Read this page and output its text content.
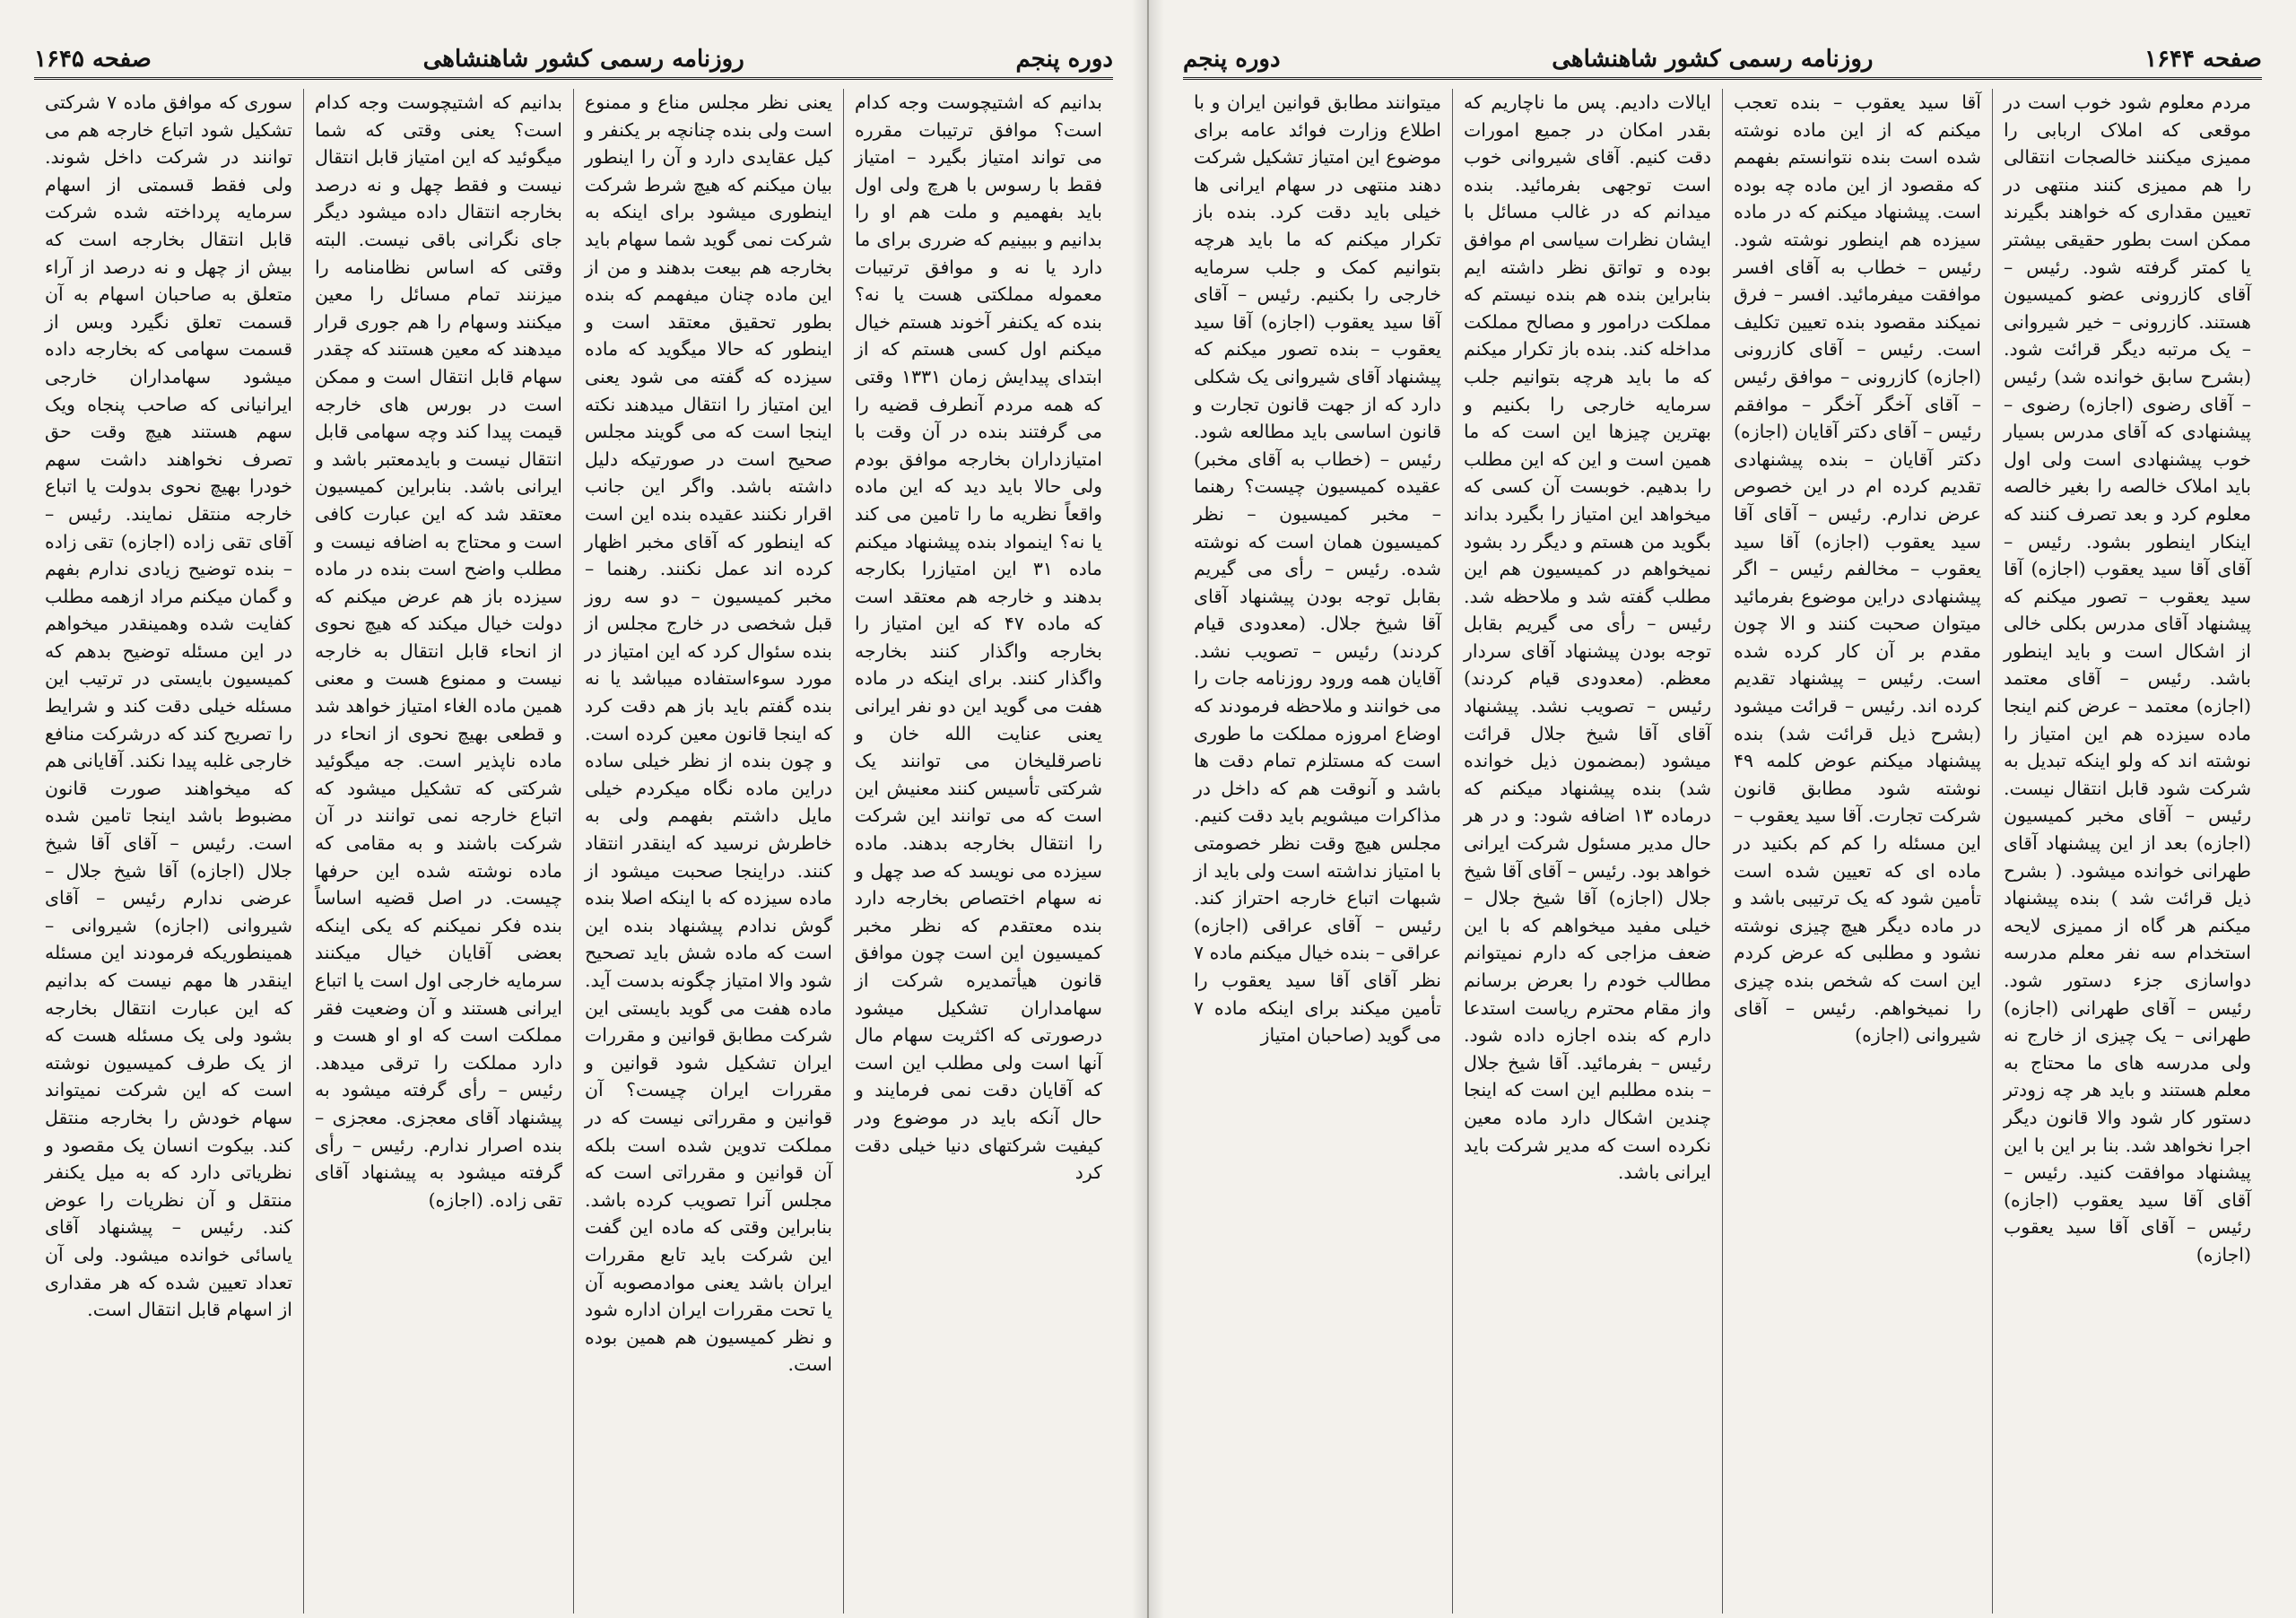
دوره پنجم
روزنامه رسمی کشور شاهنشاهی
صفحه ۱۶۴۵

بدانیم که اشتیچوست وجه کدام است؟ موافق ترتیبات مقرره می تواند امتیاز بگیرد – امتیاز فقط با رسوس با هرچ ولی اول باید بفهمیم و ملت هم او را بدانیم و ببینیم که ضرری برای ما دارد یا نه و موافق ترتیبات معموله مملکتی هست یا نه؟ بنده که یکنفر آخوند هستم خیال میکنم اول کسی هستم که از ابتدای پیدایش زمان ۱۳۳۱ وقتی که همه مردم آنطرف قضیه را می گرفتند بنده در آن وقت با امتیازداران بخارجه موافق بودم ولی حالا باید دید که این ماده واقعاً نظریه ما را تامین می کند یا نه؟ اینمواد بنده پیشنهاد میکنم ماده ۳۱ این امتیازرا بکارجه بدهند و خارجه هم معتقد است که ماده ۴۷ که این امتیاز را بخارجه واگذار کنند بخارجه واگذار کنند. برای اینکه در ماده هفت می گوید این دو نفر ایرانی یعنی عنایت الله خان و ناصرقلیخان می توانند یک شرکتی تأسیس کنند معنیش این است که می توانند این شرکت را انتقال بخارجه بدهند. ماده سیزده می نویسد که صد چهل و نه سهام اختصاص بخارجه دارد بنده معتقدم که نظر مخبر کمیسیون این است چون موافق قانون هیأتمدیره شرکت از سهامداران تشکیل میشود درصورتی که اکثریت سهام مال آنها است ولی مطلب این است که آقایان دقت نمی فرمایند و حال آنکه باید در موضوع ودر کیفیت شرکتهای دنیا خیلی دقت کرد

یعنی نظر مجلس مناع و ممنوع است ولی بنده چنانچه بر یکنفر و کیل عقایدی دارد و آن را اینطور بیان میکنم که هیچ شرط شرکت اینطوری میشود برای اینکه به شرکت نمی گوید شما سهام باید بخارجه هم بیعت بدهند و من از این ماده چنان میفهمم که بنده بطور تحقیق معتقد است و اینطور که حالا میگوید که ماده سیزده که گفته می شود یعنی این امتیاز را انتقال میدهند نکته اینجا است که می گویند مجلس صحیح است در صورتیکه دلیل داشته باشد. واگر این جانب اقرار نکنند عقیده بنده این است که اینطور که آقای مخبر اظهار کرده اند عمل نکنند. رهنما – مخبر کمیسیون – دو سه روز قبل شخصی در خارج مجلس از بنده سئوال کرد که این امتیاز در مورد سوءاستفاده میباشد یا نه بنده گفتم باید باز هم دقت کرد که اینجا قانون معین کرده است. و چون بنده از نظر خیلی ساده دراین ماده نگاه میکردم خیلی مایل داشتم بفهمم ولی به خاطرش نرسید که اینقدر انتقاد کنند. دراینجا صحبت میشود از ماده سیزده که با اینکه اصلا بنده گوش ندادم پیشنهاد بنده این است که ماده شش باید تصحیح شود والا امتیاز چگونه بدست آید. ماده هفت می گوید بایستی این شرکت مطابق قوانین و مقررات ایران تشکیل شود قوانین و مقررات ایران چیست؟ آن قوانین و مقرراتی نیست که در مملکت تدوین شده است بلکه آن قوانین و مقرراتی است که مجلس آنرا تصویب کرده باشد. بنابراین وقتی که ماده این گفت این شرکت باید تابع مقررات ایران باشد یعنی موادمصوبه آن یا تحت مقررات ایران اداره شود و نظر کمیسیون هم همین بوده است.

بدانیم که اشتیچوست وجه کدام است؟ یعنی وقتی که شما میگوئید که این امتیاز قابل انتقال نیست و فقط چهل و نه درصد بخارجه انتقال داده میشود دیگر جای نگرانی باقی نیست. البته وقتی که اساس نظامنامه را میزنند تمام مسائل را معین میکنند وسهام را هم جوری قرار میدهند که معین هستند که چقدر سهام قابل انتقال است و ممکن است در بورس های خارجه قیمت پیدا کند وچه سهامی قابل انتقال نیست و بایدمعتبر باشد و ایرانی باشد. بنابراین کمیسیون معتقد شد که این عبارت کافی است و محتاج به اضافه نیست و مطلب واضح است بنده در ماده سیزده باز هم عرض میکنم که دولت خیال میکند که هیچ نحوی از انحاء قابل انتقال به خارجه نیست و ممنوع هست و معنی همین ماده الغاء امتیاز خواهد شد و قطعی بهیچ نحوی از انحاء در ماده ناپذیر است. جه میگوئید شرکتی که تشکیل میشود که اتباع خارجه نمی توانند در آن شرکت باشند و به مقامی که ماده نوشته شده این حرفها چیست. در اصل قضیه اساساً بنده فکر نمیکنم که یکی اینکه بعضی آقایان خیال میکنند سرمایه خارجی اول است یا اتباع ایرانی هستند و آن وضعیت فقر مملکت است که او او هست و دارد مملکت را ترقی میدهد. رئیس – رأی گرفته میشود به پیشنهاد آقای معجزی. معجزی – بنده اصرار ندارم. رئیس – رأی گرفته میشود به پیشنهاد آقای تقی زاده. (اجازه)

سوری که موافق ماده ۷ شرکتی تشکیل شود اتباع خارجه هم می توانند در شرکت داخل شوند. ولی فقط قسمتی از اسهام سرمایه پرداخته شده شرکت قابل انتقال بخارجه است که بیش از چهل و نه درصد از آراء متعلق به صاحبان اسهام به آن قسمت تعلق نگیرد وبس از قسمت سهامی که بخارجه داده میشود سهامداران خارجی ایرانیانی که صاحب پنجاه ویک سهم هستند هیچ وقت حق تصرف نخواهند داشت سهم خودرا بهیچ نحوی بدولت یا اتباع خارجه منتقل نمایند. رئیس – آقای تقی زاده (اجازه) تقی زاده – بنده توضیح زیادی ندارم بفهم و گمان میکنم مراد ازهمه مطلب کفایت شده وهمینقدر میخواهم در این مسئله توضیح بدهم که کمیسیون بایستی در ترتیب این مسئله خیلی دقت کند و شرایط را تصریح کند که درشرکت منافع خارجی غلبه پیدا نکند. آقایانی هم که میخواهند صورت قانون مضبوط باشد اینجا تامین شده است. رئیس – آقای آقا شیخ جلال (اجازه) آقا شیخ جلال – عرضی ندارم رئیس – آقای شیروانی (اجازه) شیروانی – همینطوریکه فرمودند این مسئله اینقدر ها مهم نیست که بدانیم که این عبارت انتقال بخارجه بشود ولی یک مسئله هست که از یک طرف کمیسیون نوشته است که این شرکت نمیتواند سهام خودش را بخارجه منتقل کند. بیکوت انسان یک مقصود و نظریاتی دارد که به میل یکنفر منتقل و آن نظریات را عوض کند. رئیس – پیشنهاد آقای یاسائی خوانده میشود. ولی آن تعداد تعیین شده که هر مقداری از اسهام قابل انتقال است.

صفحه ۱۶۴۴
روزنامه رسمی کشور شاهنشاهی
دوره پنجم

مردم معلوم شود خوب است در موقعی که املاک اربابی را ممیزی میکنند خالصجات انتقالی را هم ممیزی کنند منتهی در تعیین مقداری که خواهند بگیرند ممکن است بطور حقیقی بیشتر یا کمتر گرفته شود. رئیس – آقای کازرونی عضو کمیسیون هستند. کازرونی – خیر شیروانی – یک مرتبه دیگر قرائت شود. (بشرح سابق خوانده شد) رئیس – آقای رضوی (اجازه) رضوی – پیشنهادی که آقای مدرس بسیار خوب پیشنهادی است ولی اول باید املاک خالصه را بغیر خالصه معلوم کرد و بعد تصرف کنند که اینکار اینطور بشود. رئیس – آقای آقا سید یعقوب (اجازه) آقا سید یعقوب – تصور میکنم که پیشنهاد آقای مدرس بکلی خالی از اشکال است و باید اینطور باشد. رئیس – آقای معتمد (اجازه) معتمد – عرض کنم اینجا ماده سیزده هم این امتیاز را نوشته اند که ولو اینکه تبدیل به شرکت شود قابل انتقال نیست. رئیس – آقای مخبر کمیسیون (اجازه) بعد از این پیشنهاد آقای طهرانی خوانده میشود. ( بشرح ذیل قرائت شد ) بنده پیشنهاد میکنم هر گاه از ممیزی لایحه استخدام سه نفر معلم مدرسه دواسازی جزء دستور شود. رئیس – آقای طهرانی (اجازه) طهرانی – یک چیزی از خارج نه ولی مدرسه های ما محتاج به معلم هستند و باید هر چه زودتر دستور کار شود والا قانون دیگر اجرا نخواهد شد. بنا بر این با این پیشنهاد موافقت کنید. رئیس – آقای آقا سید یعقوب (اجازه) رئیس – آقای آقا سید یعقوب (اجازه)

آقا سید یعقوب – بنده تعجب میکنم که از این ماده نوشته شده است بنده نتوانستم بفهمم که مقصود از این ماده چه بوده است. پیشنهاد میکنم که در ماده سیزده هم اینطور نوشته شود. رئیس – خطاب به آقای افسر موافقت میفرمائید. افسر – فرق نمیکند مقصود بنده تعیین تکلیف است. رئیس – آقای کازرونی (اجازه) کازرونی – موافق رئیس – آقای آخگر آخگر – موافقم رئیس – آقای دکتر آقایان (اجازه) دکتر آقایان – بنده پیشنهادی تقدیم کرده ام در این خصوص عرض ندارم. رئیس – آقای آقا سید یعقوب (اجازه) آقا سید یعقوب – مخالفم رئیس – اگر پیشنهادی دراین موضوع بفرمائید میتوان صحبت کنند و الا چون مقدم بر آن کار کرده شده است. رئیس – پیشنهاد تقدیم کرده اند. رئیس – قرائت میشود (بشرح ذیل قرائت شد) بنده پیشنهاد میکنم عوض کلمه ۴۹ نوشته شود مطابق قانون شرکت تجارت. آقا سید یعقوب – این مسئله را کم کم بکنید در ماده ای که تعیین شده است تأمین شود که یک ترتیبی باشد و در ماده دیگر هیچ چیزی نوشته نشود و مطلبی که عرض کردم این است که شخص بنده چیزی را نمیخواهم. رئیس – آقای شیروانی (اجازه)

ایالات دادیم. پس ما ناچاریم که بقدر امکان در جمیع امورات دقت کنیم. آقای شیروانی خوب است توجهی بفرمائید. بنده میدانم که در غالب مسائل با ایشان نظرات سیاسی ام موافق بوده و تواتق نظر داشته ایم بنابراین بنده هم بنده نیستم که مملکت درامور و مصالح مملکت مداخله کند. بنده باز تکرار میکنم که ما باید هرچه بتوانیم جلب سرمایه خارجی را بکنیم و بهترین چیزها این است که ما همین است و این که این مطلب را بدهیم. خوبست آن کسی که میخواهد این امتیاز را بگیرد بداند بگوید من هستم و دیگر رد بشود نمیخواهم در کمیسیون هم این مطلب گفته شد و ملاحظه شد. رئیس – رأی می گیریم بقابل توجه بودن پیشنهاد آقای سردار معظم. (معدودی قیام کردند) رئیس – تصویب نشد. پیشنهاد آقای آقا شیخ جلال قرائت میشود (بمضمون ذیل خوانده شد) بنده پیشنهاد میکنم که درماده ۱۳ اضافه شود: و در هر حال مدیر مسئول شرکت ایرانی خواهد بود. رئیس – آقای آقا شیخ جلال (اجازه) آقا شیخ جلال – خیلی مفید میخواهم که با این ضعف مزاجی که دارم نمیتوانم مطالب خودم را بعرض برسانم واز مقام محترم ریاست استدعا دارم که بنده اجازه داده شود. رئیس – بفرمائید. آقا شیخ جلال – بنده مطلبم این است که اینجا چندین اشکال دارد ماده معین نکرده است که مدیر شرکت باید ایرانی باشد.

میتوانند مطابق قوانین ایران و با اطلاع وزارت فوائد عامه برای موضوع این امتیاز تشکیل شرکت دهند منتهی در سهام ایرانی ها خیلی باید دقت کرد. بنده باز تکرار میکنم که ما باید هرچه بتوانیم کمک و جلب سرمایه خارجی را بکنیم. رئیس – آقای آقا سید یعقوب (اجازه) آقا سید یعقوب – بنده تصور میکنم که پیشنهاد آقای شیروانی یک شکلی دارد که از جهت قانون تجارت و قانون اساسی باید مطالعه شود. رئیس – (خطاب به آقای مخبر) عقیده کمیسیون چیست؟ رهنما – مخبر کمیسیون – نظر کمیسیون همان است که نوشته شده. رئیس – رأی می گیریم بقابل توجه بودن پیشنهاد آقای آقا شیخ جلال. (معدودی قیام کردند) رئیس – تصویب نشد. آقایان همه ورود روزنامه جات را می خوانند و ملاحظه فرمودند که اوضاع امروزه مملکت ما طوری است که مستلزم تمام دقت ها باشد و آنوقت هم که داخل در مذاکرات میشویم باید دقت کنیم. مجلس هیچ وقت نظر خصومتی با امتیاز نداشته است ولی باید از شبهات اتباع خارجه احتراز کند. رئیس – آقای عراقی (اجازه) عراقی – بنده خیال میکنم ماده ۷ نظر آقای آقا سید یعقوب را تأمین میکند برای اینکه ماده ۷ می گوید (صاحبان امتیاز
